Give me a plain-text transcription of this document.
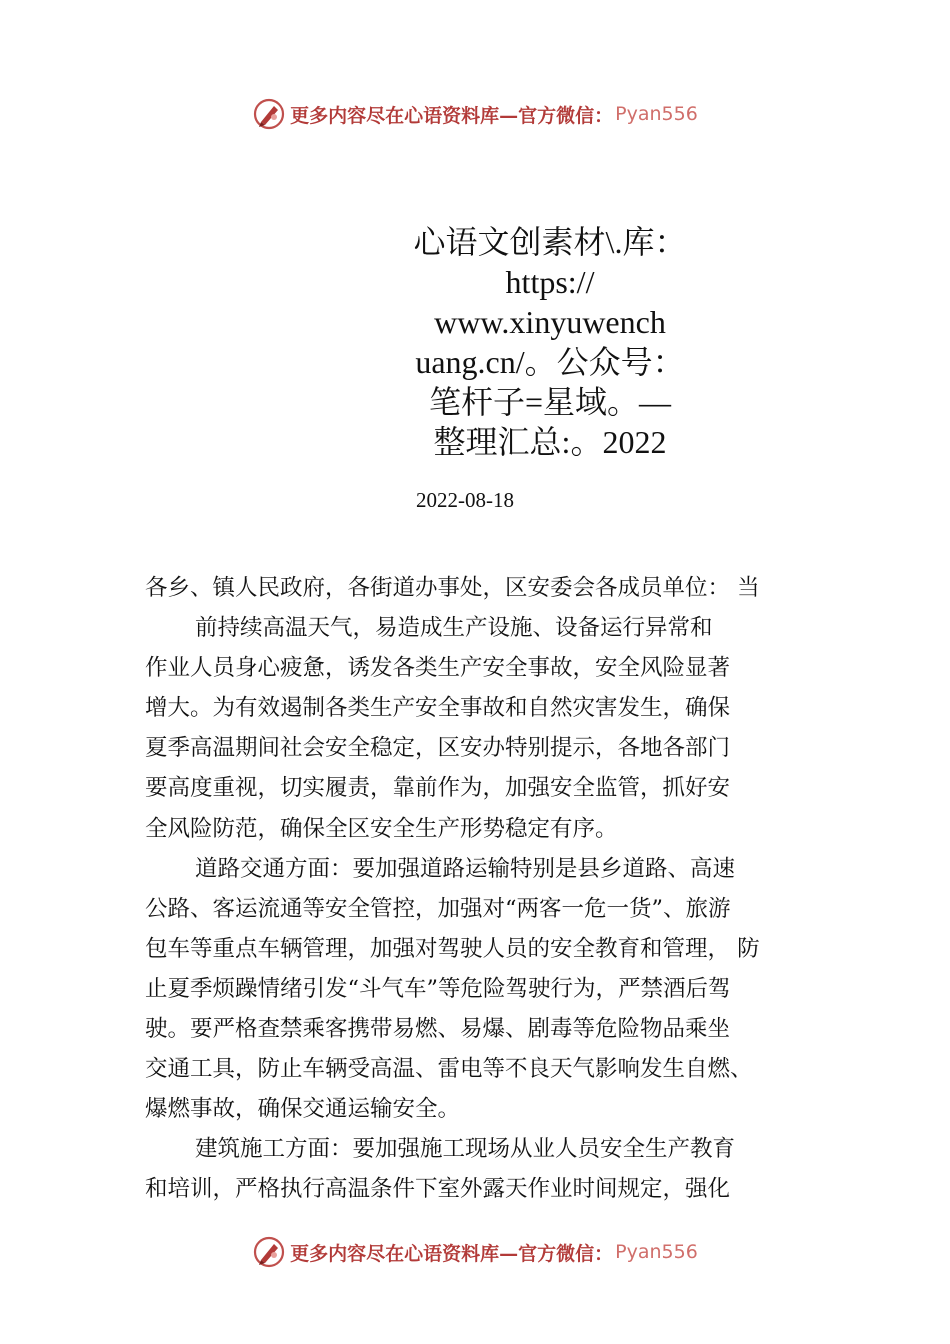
更多内容尽在心语资料库—官方微信： Pyan556
心语文创素材\.库：
https://
www.xinyuwench
uang.cn/。公众号：
笔杆子=星域。—
整理汇总:。2022
2022-08-18
各乡、镇人民政府，各街道办事处，区安委会各成员单位： 当
前持续高温天气，易造成生产设施、设备运行异常和
作业人员身心疲惫，诱发各类生产安全事故，安全风险显著
增大。为有效遏制各类生产安全事故和自然灾害发生，确保
夏季高温期间社会安全稳定，区安办特别提示，各地各部门
要高度重视，切实履责，靠前作为，加强安全监管，抓好安
全风险防范，确保全区安全生产形势稳定有序。
道路交通方面：要加强道路运输特别是县乡道路、高速
公路、客运流通等安全管控，加强对“两客一危一货”、旅游
包车等重点车辆管理，加强对驾驶人员的安全教育和管理， 防
止夏季烦躁情绪引发“斗气车”等危险驾驶行为，严禁酒后驾
驶。要严格查禁乘客携带易燃、易爆、剧毒等危险物品乘坐
交通工具，防止车辆受高温、雷电等不良天气影响发生自燃、
爆燃事故，确保交通运输安全。
建筑施工方面：要加强施工现场从业人员安全生产教育
和培训，严格执行高温条件下室外露天作业时间规定，强化
更多内容尽在心语资料库—官方微信： Pyan556
